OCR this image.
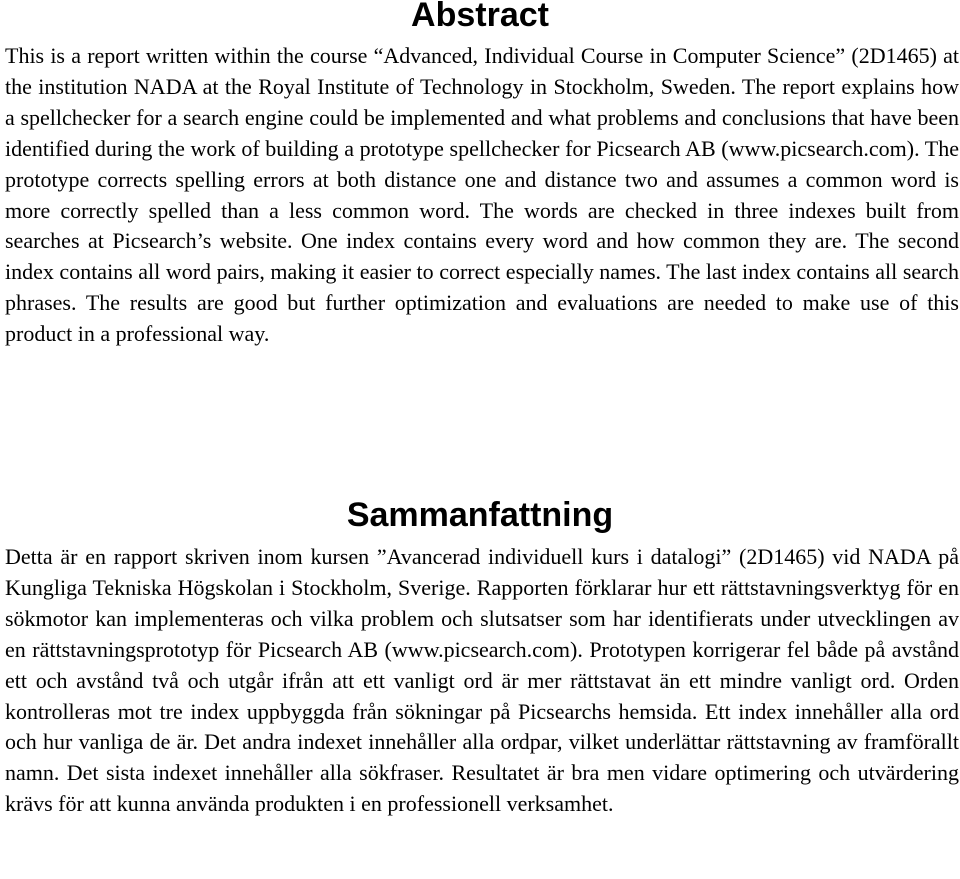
Abstract

This is a report written within the course “Advanced, Individual Course in Computer Science” (2D1465) at the institution NADA at the Royal Institute of Technology in Stockholm, Sweden. The report explains how a spellchecker for a search engine could be implemented and what problems and conclusions that have been identified during the work of building a prototype spellchecker for Picsearch AB (www.picsearch.com). The prototype corrects spelling errors at both distance one and distance two and assumes a common word is more correctly spelled than a less common word. The words are checked in three indexes built from searches at Picsearch’s website. One index contains every word and how common they are. The second index contains all word pairs, making it easier to correct especially names. The last index contains all search phrases. The results are good but further optimization and evaluations are needed to make use of this product in a professional way.

Sammanfattning

Detta är en rapport skriven inom kursen ”Avancerad individuell kurs i datalogi” (2D1465) vid NADA på Kungliga Tekniska Högskolan i Stockholm, Sverige. Rapporten förklarar hur ett rättstavningsverktyg för en sökmotor kan implementeras och vilka problem och slutsatser som har identifierats under utvecklingen av en rättstavningsprototyp för Picsearch AB (www.picsearch.com). Prototypen korrigerar fel både på avstånd ett och avstånd två och utgår ifrån att ett vanligt ord är mer rättstavat än ett mindre vanligt ord. Orden kontrolleras mot tre index uppbyggda från sökningar på Picsearchs hemsida. Ett index innehåller alla ord och hur vanliga de är. Det andra indexet innehåller alla ordpar, vilket underlättar rättstavning av framförallt namn. Det sista indexet innehåller alla sökfraser. Resultatet är bra men vidare optimering och utvärdering krävs för att kunna använda produkten i en professionell verksamhet.
